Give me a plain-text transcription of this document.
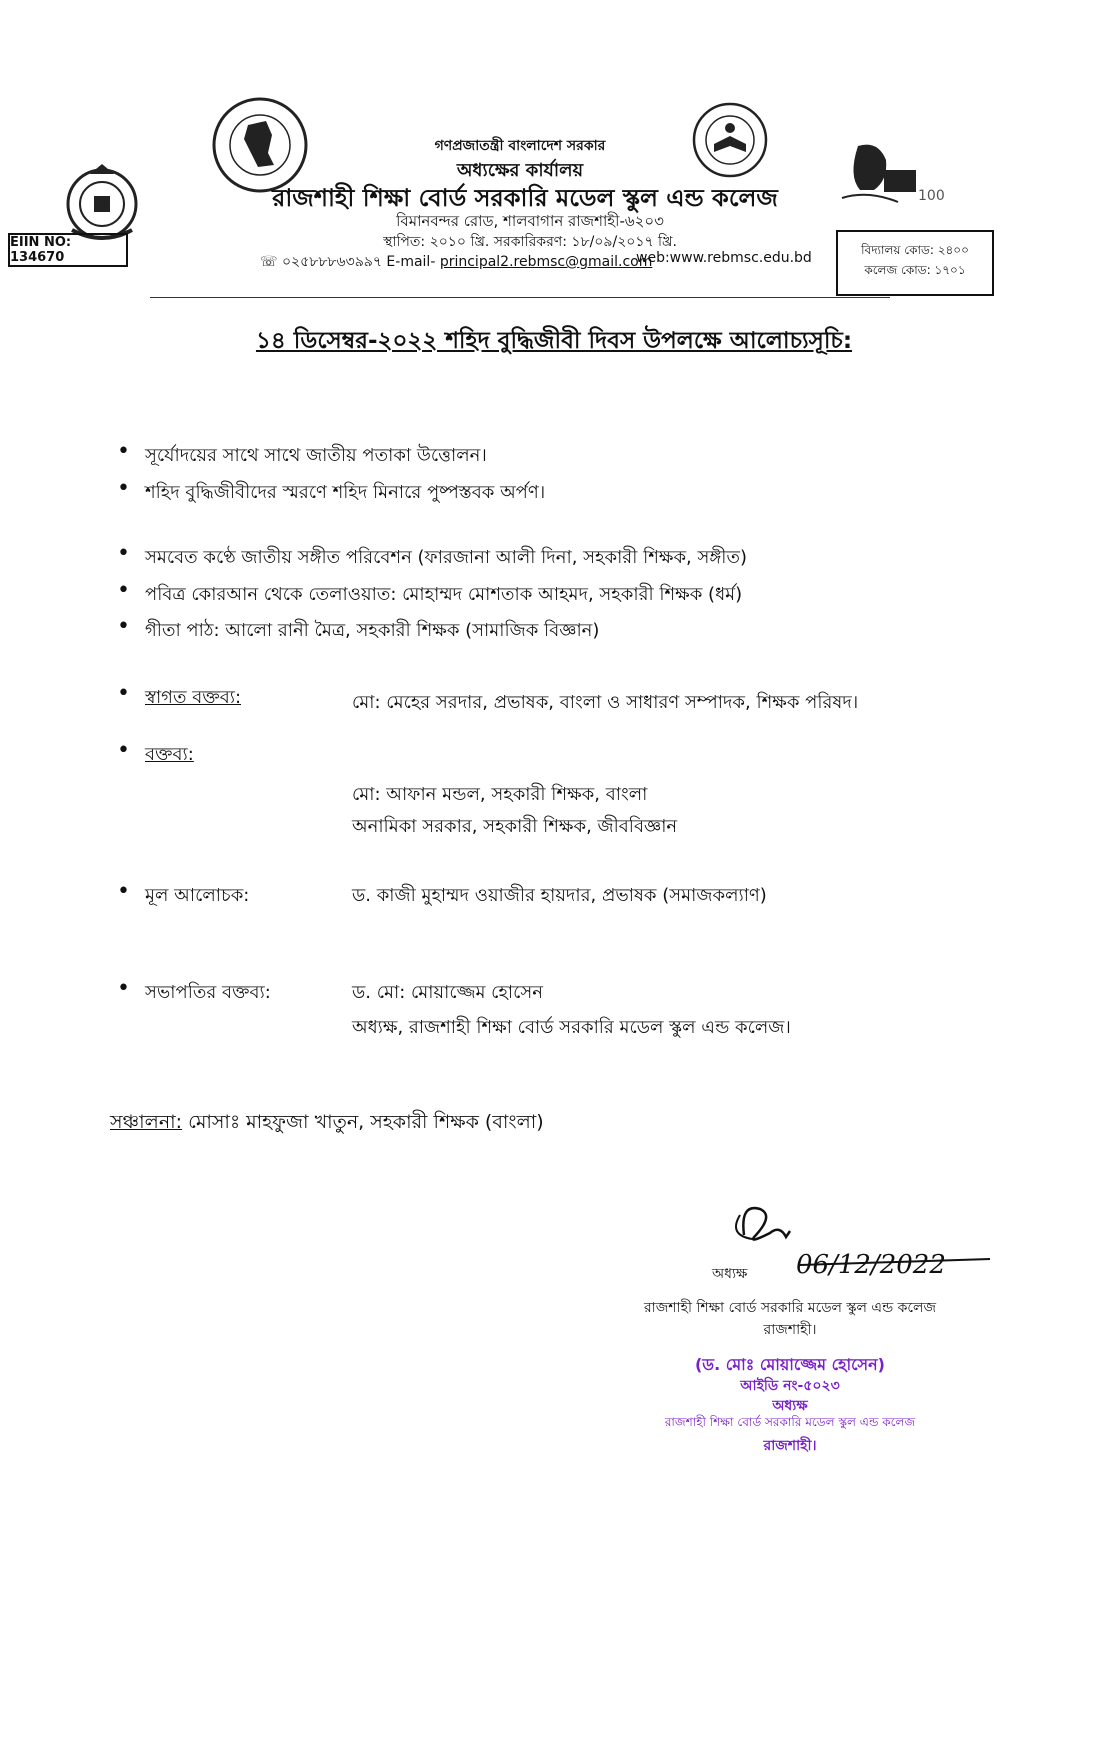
100
গণপ্রজাতন্ত্রী বাংলাদেশ সরকার
অধ্যক্ষের কার্যালয়
রাজশাহী শিক্ষা বোর্ড সরকারি মডেল স্কুল এন্ড কলেজ
বিমানবন্দর রোড, শালবাগান রাজশাহী-৬২০৩
স্থাপিত: ২০১০ খ্রি. সরকারিকরণ: ১৮/০৯/২০১৭ খ্রি.
☏ ০২৫৮৮৮৬৩৯৯৭ E-mail- principal2.rebmsc@gmail.com
web:www.rebmsc.edu.bd
EIIN NO: 134670	বিদ্যালয় কোড: ২৪০০
কলেজ কোড: ১৭০১
১৪ ডিসেম্বর-২০২২ শহিদ বুদ্ধিজীবী দিবস উপলক্ষে আলোচ্যসূচি:
• সূর্যোদয়ের সাথে সাথে জাতীয় পতাকা উত্তোলন।
• শহিদ বুদ্ধিজীবীদের স্মরণে শহিদ মিনারে পুষ্পস্তবক অর্পণ।
• সমবেত কণ্ঠে জাতীয় সঙ্গীত পরিবেশন (ফারজানা আলী দিনা, সহকারী শিক্ষক, সঙ্গীত)
• পবিত্র কোরআন থেকে তেলাওয়াত: মোহাম্মদ মোশতাক আহমদ, সহকারী শিক্ষক (ধর্ম)
• গীতা পাঠ: আলো রানী মৈত্র, সহকারী শিক্ষক (সামাজিক বিজ্ঞান)
• স্বাগত বক্তব্য:	মো: মেহের সরদার, প্রভাষক, বাংলা ও সাধারণ সম্পাদক, শিক্ষক পরিষদ।
• বক্তব্য:
মো: আফান মন্ডল, সহকারী শিক্ষক, বাংলা
অনামিকা সরকার, সহকারী শিক্ষক, জীববিজ্ঞান
• মূল আলোচক:	ড. কাজী মুহাম্মদ ওয়াজীর হায়দার, প্রভাষক (সমাজকল্যাণ)
• সভাপতির বক্তব্য:	ড. মো: মোয়াজ্জেম হোসেন
অধ্যক্ষ, রাজশাহী শিক্ষা বোর্ড সরকারি মডেল স্কুল এন্ড কলেজ।
সঞ্চালনা: মোসাঃ মাহফুজা খাতুন, সহকারী শিক্ষক (বাংলা)
06/12/2022
অধ্যক্ষ
রাজশাহী শিক্ষা বোর্ড সরকারি মডেল স্কুল এন্ড কলেজ
রাজশাহী।
(ড. মোঃ মোয়াজ্জেম হোসেন)
আইডি নং-৫০২৩
অধ্যক্ষ
রাজশাহী শিক্ষা বোর্ড সরকারি মডেল স্কুল এন্ড কলেজ
রাজশাহী।
